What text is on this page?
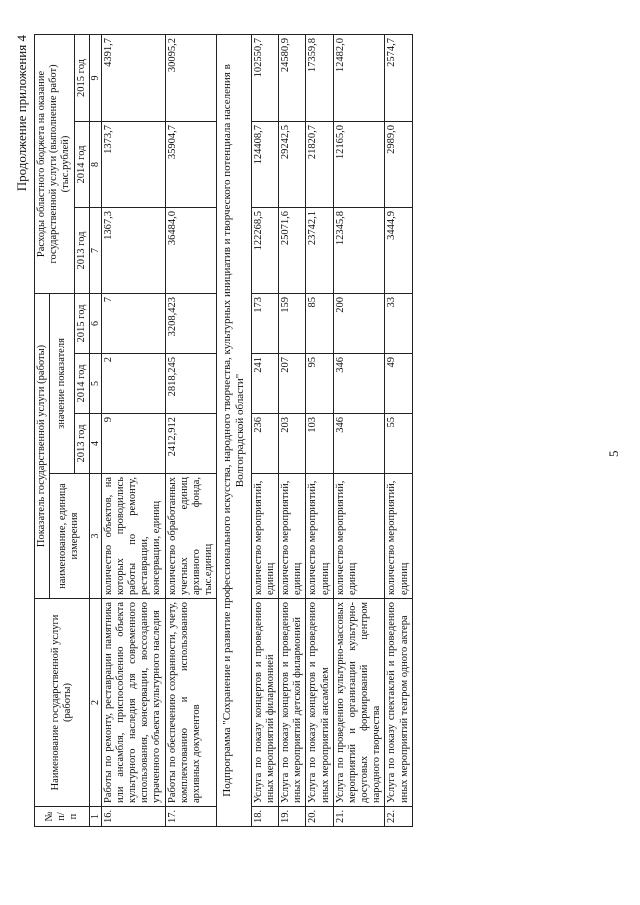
5
Продолжение приложения 4
№ п/п	Наименование государственной услуги (работы)	Показатель государственной услуги (работы)				Расходы областного бюджета на оказание государственной услуги (выполнение работ) (тыс.рублей)		
		наименование, единица измерения	значение показателя					
			2013 год	2014 год	2015 год	2013 год	2014 год	2015 год
1	2	3	4	5	6	7	8	9
16.	Работы по ремонту, реставрации памятника или ансамбля, приспособлению объекта культурного наследия для современного использования, консервации, воссозданию утраченного объекта культурного наследия	количество объектов, на которых проводились работы по ремонту, реставрации, консервации, единиц	9	2	7	1367,3	1373,7	4391,7
17.	Работы по обеспечению сохранности, учету, комплектованию и использованию архивных документов	количество обработанных учетных единиц архивного фонда, тыс.единиц	2412,912	2818,245	3208,423	36484,0	35904,7	30095,2
Подпрограмма "Сохранение и развитие профессионального искусства, народного творчества, культурных инициатив и творческого потенциала населения в Волгоградской области"								
18.	Услуга по показу концертов и проведению иных мероприятий филармонией	количество мероприятий, единиц	236	241	173	122268,5	124408,7	102550,7
19.	Услуга по показу концертов и проведению иных мероприятий детской филармонией	количество мероприятий, единиц	203	207	159	25071,6	29242,5	24580,9
20.	Услуга по показу концертов и проведению иных мероприятий ансамблем	количество мероприятий, единиц	103	95	85	23742,1	21820,7	17359,8
21.	Услуга по проведению культурно-массовых мероприятий и организации культурно-досуговых формирований центром народного творчества	количество мероприятий, единиц	346	346	200	12345,8	12165,0	12482,0
22.	Услуга по показу спектаклей и проведению иных мероприятий театром одного актера	количество мероприятий, единиц	55	49	33	3444,9	2989,0	2574,7
